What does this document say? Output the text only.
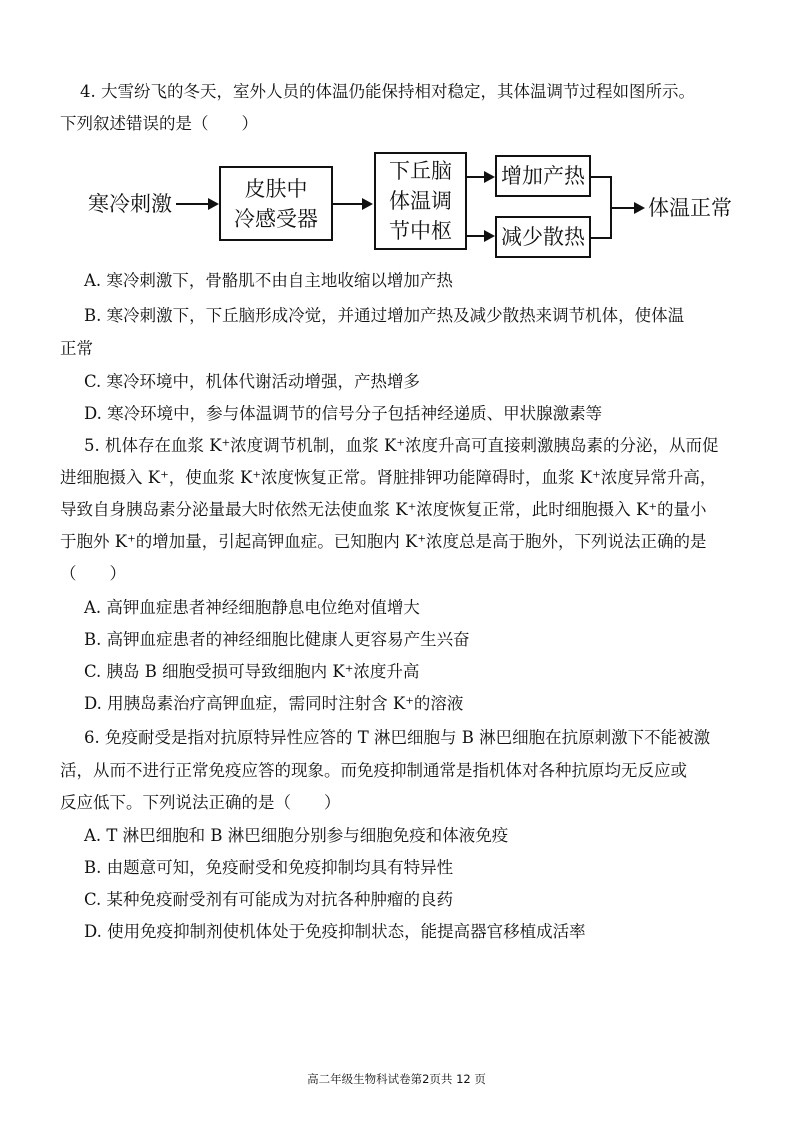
4. 大雪纷飞的冬天，室外人员的体温仍能保持相对稳定，其体温调节过程如图所示。
下列叙述错误的是（　　）
寒冷刺激
皮肤中
冷感受器
下丘脑
体温调
节中枢
增加产热
减少散热
体温正常
A. 寒冷刺激下，骨骼肌不由自主地收缩以增加产热
B. 寒冷刺激下，下丘脑形成冷觉，并通过增加产热及减少散热来调节机体，使体温
正常
C. 寒冷环境中，机体代谢活动增强，产热增多
D. 寒冷环境中，参与体温调节的信号分子包括神经递质、甲状腺激素等
5. 机体存在血浆 K⁺浓度调节机制，血浆 K⁺浓度升高可直接刺激胰岛素的分泌，从而促
进细胞摄入 K⁺，使血浆 K⁺浓度恢复正常。肾脏排钾功能障碍时，血浆 K⁺浓度异常升高，
导致自身胰岛素分泌量最大时依然无法使血浆 K⁺浓度恢复正常，此时细胞摄入 K⁺的量小
于胞外 K⁺的增加量，引起高钾血症。已知胞内 K⁺浓度总是高于胞外，下列说法正确的是
（　　）
A. 高钾血症患者神经细胞静息电位绝对值增大
B. 高钾血症患者的神经细胞比健康人更容易产生兴奋
C. 胰岛 B 细胞受损可导致细胞内 K⁺浓度升高
D. 用胰岛素治疗高钾血症，需同时注射含 K⁺的溶液
6. 免疫耐受是指对抗原特异性应答的 T 淋巴细胞与 B 淋巴细胞在抗原刺激下不能被激
活，从而不进行正常免疫应答的现象。而免疫抑制通常是指机体对各种抗原均无反应或
反应低下。下列说法正确的是（　　）
A. T 淋巴细胞和 B 淋巴细胞分别参与细胞免疫和体液免疫
B. 由题意可知，免疫耐受和免疫抑制均具有特异性
C. 某种免疫耐受剂有可能成为对抗各种肿瘤的良药
D. 使用免疫抑制剂使机体处于免疫抑制状态，能提高器官移植成活率
高二年级生物科试卷第2页共 12 页
